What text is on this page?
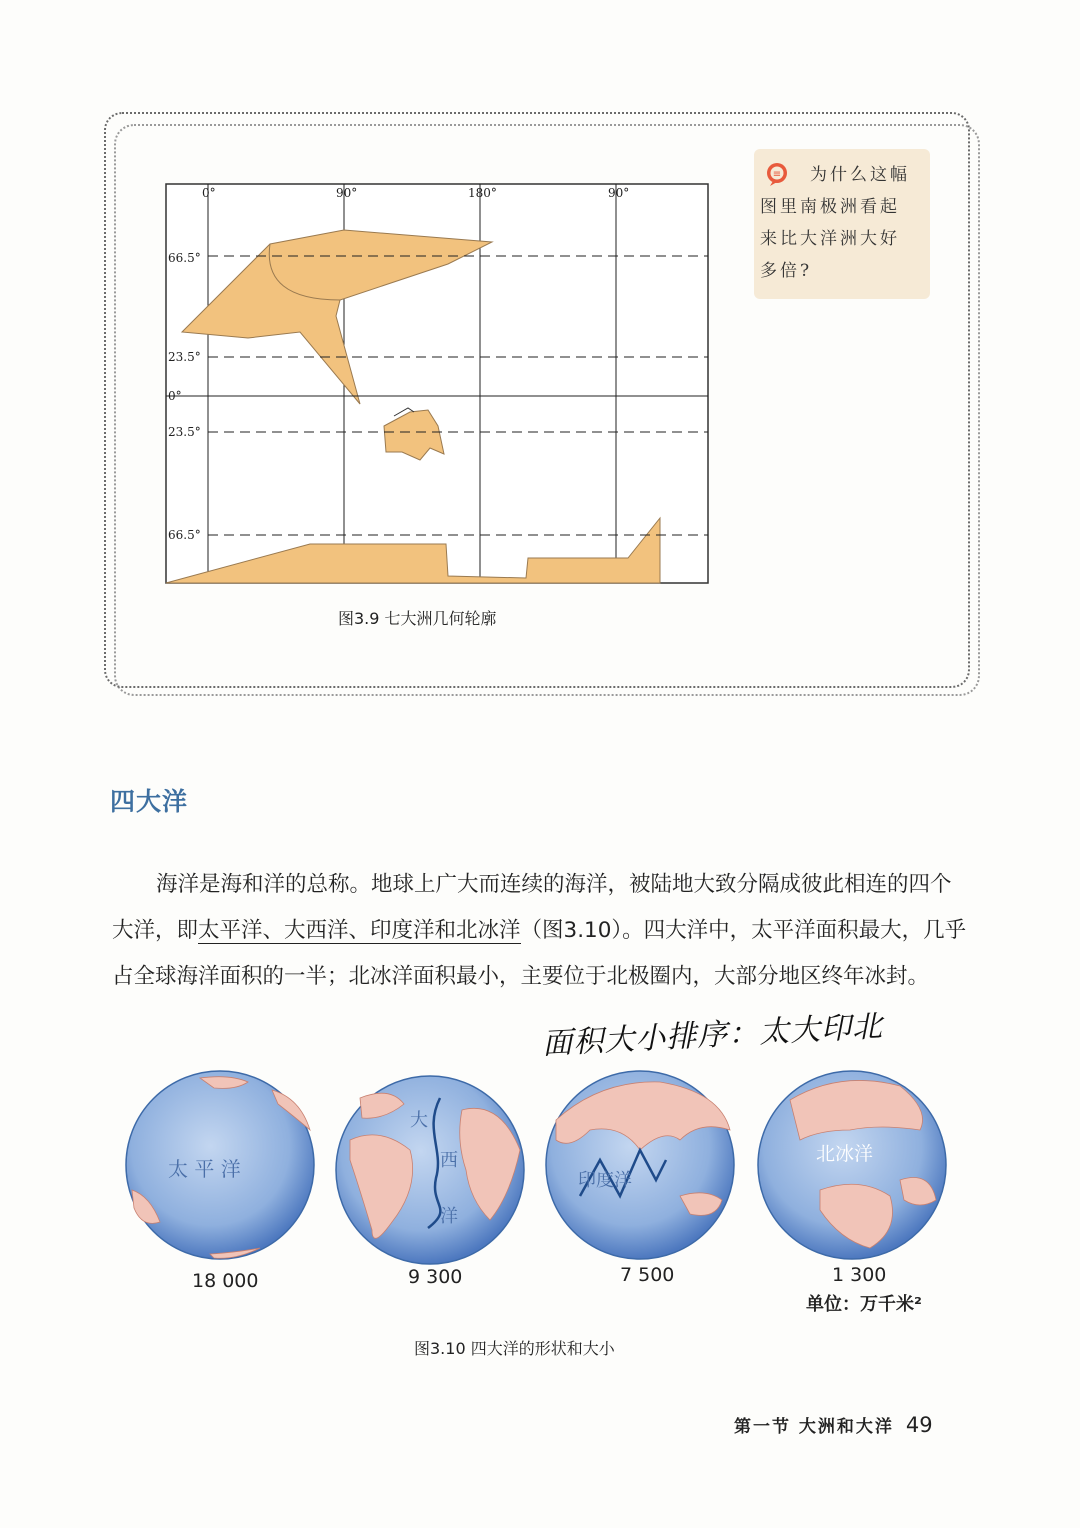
0°	90°	180°	90°
66.5°
23.5°
0°
23.5°
66.5°
图3.9 七大洲几何轮廓
≡	为什么这幅
图里南极洲看起
来比大洋洲大好
多倍?
四大洋

海洋是海和洋的总称。地球上广大而连续的海洋，被陆地大致分隔成彼此相连的四个大洋，即太平洋、大西洋、印度洋和北冰洋（图3.10）。四大洋中，太平洋面积最大，几乎占全球海洋面积的一半；北冰洋面积最小，主要位于北极圈内，大部分地区终年冰封。

面积大小排序：太大印北
太 平 洋
大
西
洋
印度洋
北冰洋
18 000	9 300	7 500	1 300
单位：万千米²
图3.10 四大洋的形状和大小
第一节 大洲和大洋 49
